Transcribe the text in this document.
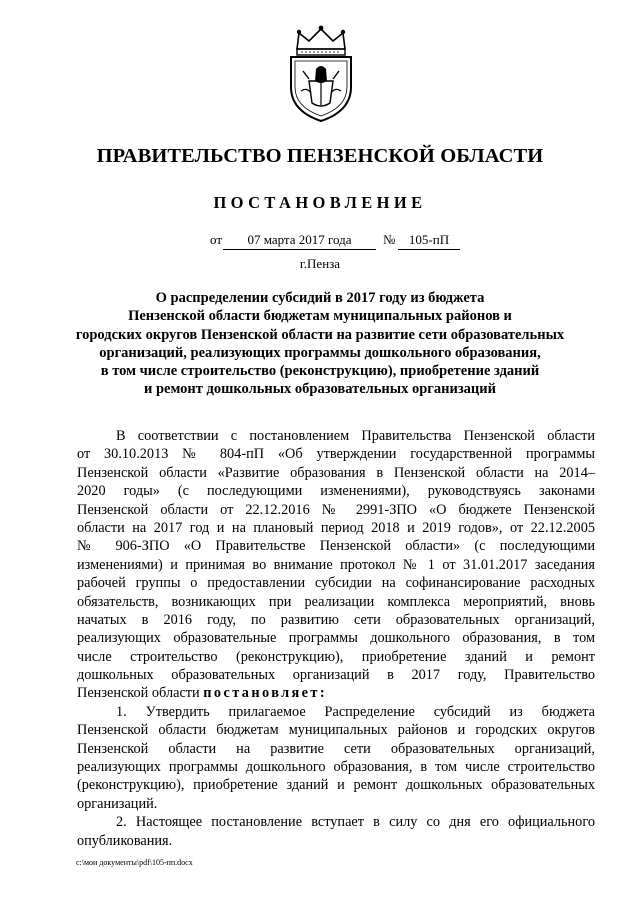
ПРАВИТЕЛЬСТВО ПЕНЗЕНСКОЙ ОБЛАСТИ
ПОСТАНОВЛЕНИЕ
от	07 марта 2017 года	№	105-пП
г.Пенза
О распределении субсидий в 2017 году из бюджета
Пензенской области бюджетам муниципальных районов и
городских округов Пензенской области на развитие сети образовательных
организаций, реализующих программы дошкольного образования,
в том числе строительство (реконструкцию), приобретение зданий
и ремонт дошкольных образовательных организаций
В соответствии с постановлением Правительства Пензенской области
от 30.10.2013 № 804-пП «Об утверждении государственной программы
Пензенской области «Развитие образования в Пензенской области на 2014–
2020 годы» (с последующими изменениями), руководствуясь законами
Пензенской области от 22.12.2016 № 2991-ЗПО «О бюджете Пензенской
области на 2017 год и на плановый период 2018 и 2019 годов», от 22.12.2005
№ 906-ЗПО «О Правительстве Пензенской области» (с последующими
изменениями) и принимая во внимание протокол № 1 от 31.01.2017 заседания
рабочей группы о предоставлении субсидии на софинансирование расходных
обязательств, возникающих при реализации комплекса мероприятий, вновь
начатых в 2016 году, по развитию сети образовательных организаций,
реализующих образовательные программы дошкольного образования, в том
числе строительство (реконструкцию), приобретение зданий и ремонт
дошкольных образовательных организаций в 2017 году, Правительство
Пензенской области постановляет:
1. Утвердить прилагаемое Распределение субсидий из бюджета
Пензенской области бюджетам муниципальных районов и городских округов
Пензенской области на развитие сети образовательных организаций,
реализующих программы дошкольного образования, в том числе строительство
(реконструкцию), приобретение зданий и ремонт дошкольных образовательных
организаций.
2. Настоящее постановление вступает в силу со дня его официального
опубликования.
c:\мои документы\pdf\105-пп.docx
